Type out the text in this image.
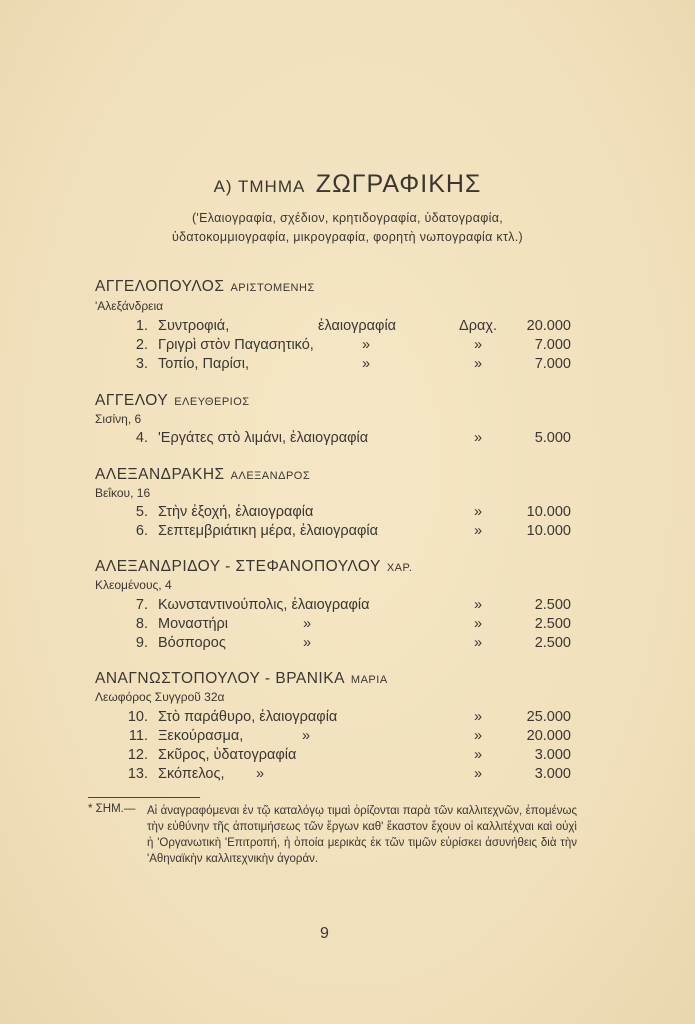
Α) ΤΜΗΜΑ ΖΩΓΡΑΦΙΚΗΣ
('Ελαιογραφία, σχέδιον, κρητιδογραφία, ὑδατογραφία,
ὑδατοκομμιογραφία, μικρογραφία, φορητὴ νωπογραφία κτλ.)
ΑΓΓΕΛΟΠΟΥΛΟΣ ΑΡΙΣΤΟΜΕΝΗΣ
'Αλεξάνδρεια
1. Συντροφιά,	ἐλαιογραφία	Δραχ.	20.000
2. Γριγρὶ στὸν Παγασητικό,	»	»	7.000
3. Τοπίο, Παρίσι,	»	»	7.000
ΑΓΓΕΛΟΥ ΕΛΕΥΘΕΡΙΟΣ
Σισίνη, 6
4. 'Εργάτες στὸ λιμάνι, ἐλαιογραφία	»	5.000
ΑΛΕΞΑΝΔΡΑΚΗΣ ΑΛΕΞΑΝΔΡΟΣ
Βεΐκου, 16
5. Στὴν ἐξοχή, ἐλαιογραφία	»	10.000
6. Σεπτεμβριάτικη μέρα, ἐλαιογραφία	»	10.000
ΑΛΕΞΑΝΔΡΙΔΟΥ - ΣΤΕΦΑΝΟΠΟΥΛΟΥ ΧΑΡ.
Κλεομένους, 4
7. Κωνσταντινούπολις, ἐλαιογραφία	»	2.500
8. Μοναστήρι	»	»	2.500
9. Βόσπορος	»	»	2.500
ΑΝΑΓΝΩΣΤΟΠΟΥΛΟΥ - ΒΡΑΝΙΚΑ ΜΑΡΙΑ
Λεωφόρος Συγγροῦ 32α
10. Στὸ παράθυρο, ἐλαιογραφία	»	25.000
11. Ξεκούρασμα,	»	»	20.000
12. Σκῦρος, ὑδατογραφία	»	3.000
13. Σκόπελος, »	»	3.000
* ΣΗΜ.— Αἱ ἀναγραφόμεναι ἐν τῷ καταλόγῳ τιμαὶ ὁρίζονται παρὰ τῶν καλλιτεχνῶν, ἑπομένως τὴν εὐθύνην τῆς ἀποτιμήσεως τῶν ἔργων καθ' ἕκαστον ἔχουν οἱ καλλιτέχναι καὶ οὐχὶ ἡ 'Οργανωτικὴ 'Επιτροπή, ἡ ὁποία μερικὰς ἐκ τῶν τιμῶν εὑρίσκει ἀσυνήθεις διὰ τὴν 'Αθηναϊκὴν καλλιτεχνικὴν ἀγοράν.
9
